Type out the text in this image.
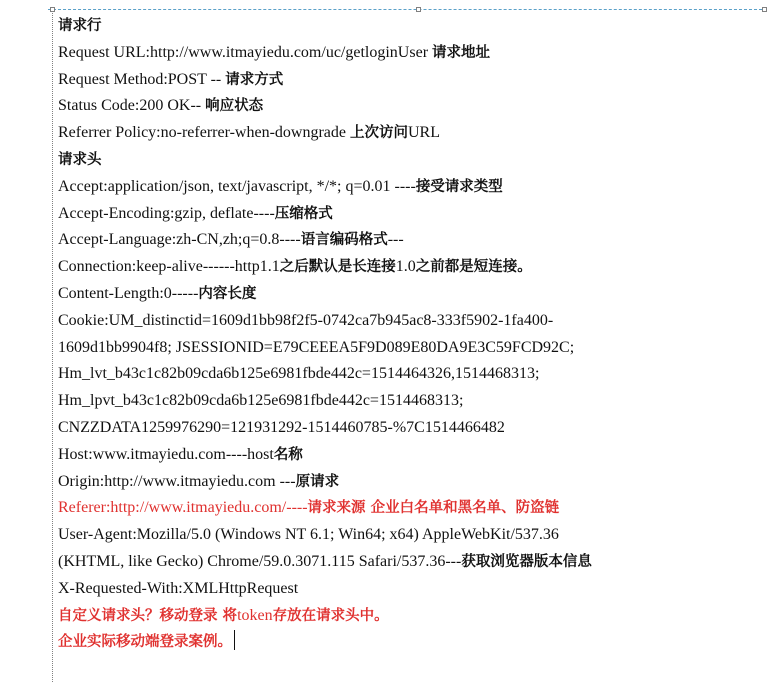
请求行
Request URL:http://www.itmayiedu.com/uc/getloginUser 请求地址
Request Method:POST -- 请求方式
Status Code:200 OK-- 响应状态
Referrer Policy:no-referrer-when-downgrade 上次访问URL
请求头
Accept:application/json, text/javascript, */*; q=0.01 ----接受请求类型
Accept-Encoding:gzip, deflate----压缩格式
Accept-Language:zh-CN,zh;q=0.8----语言编码格式---
Connection:keep-alive------http1.1之后默认是长连接1.0之前都是短连接。
Content-Length:0-----内容长度
Cookie:UM_distinctid=1609d1bb98f2f5-0742ca7b945ac8-333f5902-1fa400-
1609d1bb9904f8; JSESSIONID=E79CEEEA5F9D089E80DA9E3C59FCD92C;
Hm_lvt_b43c1c82b09cda6b125e6981fbde442c=1514464326,1514468313;
Hm_lpvt_b43c1c82b09cda6b125e6981fbde442c=1514468313;
CNZZDATA1259976290=121931292-1514460785-%7C1514466482
Host:www.itmayiedu.com----host名称
Origin:http://www.itmayiedu.com ---原请求
Referer:http://www.itmayiedu.com/----请求来源 企业白名单和黑名单、防盗链
User-Agent:Mozilla/5.0 (Windows NT 6.1; Win64; x64) AppleWebKit/537.36
(KHTML, like Gecko) Chrome/59.0.3071.115 Safari/537.36---获取浏览器版本信息
X-Requested-With:XMLHttpRequest
自定义请求头？移动登录 将token存放在请求头中。
企业实际移动端登录案例。
